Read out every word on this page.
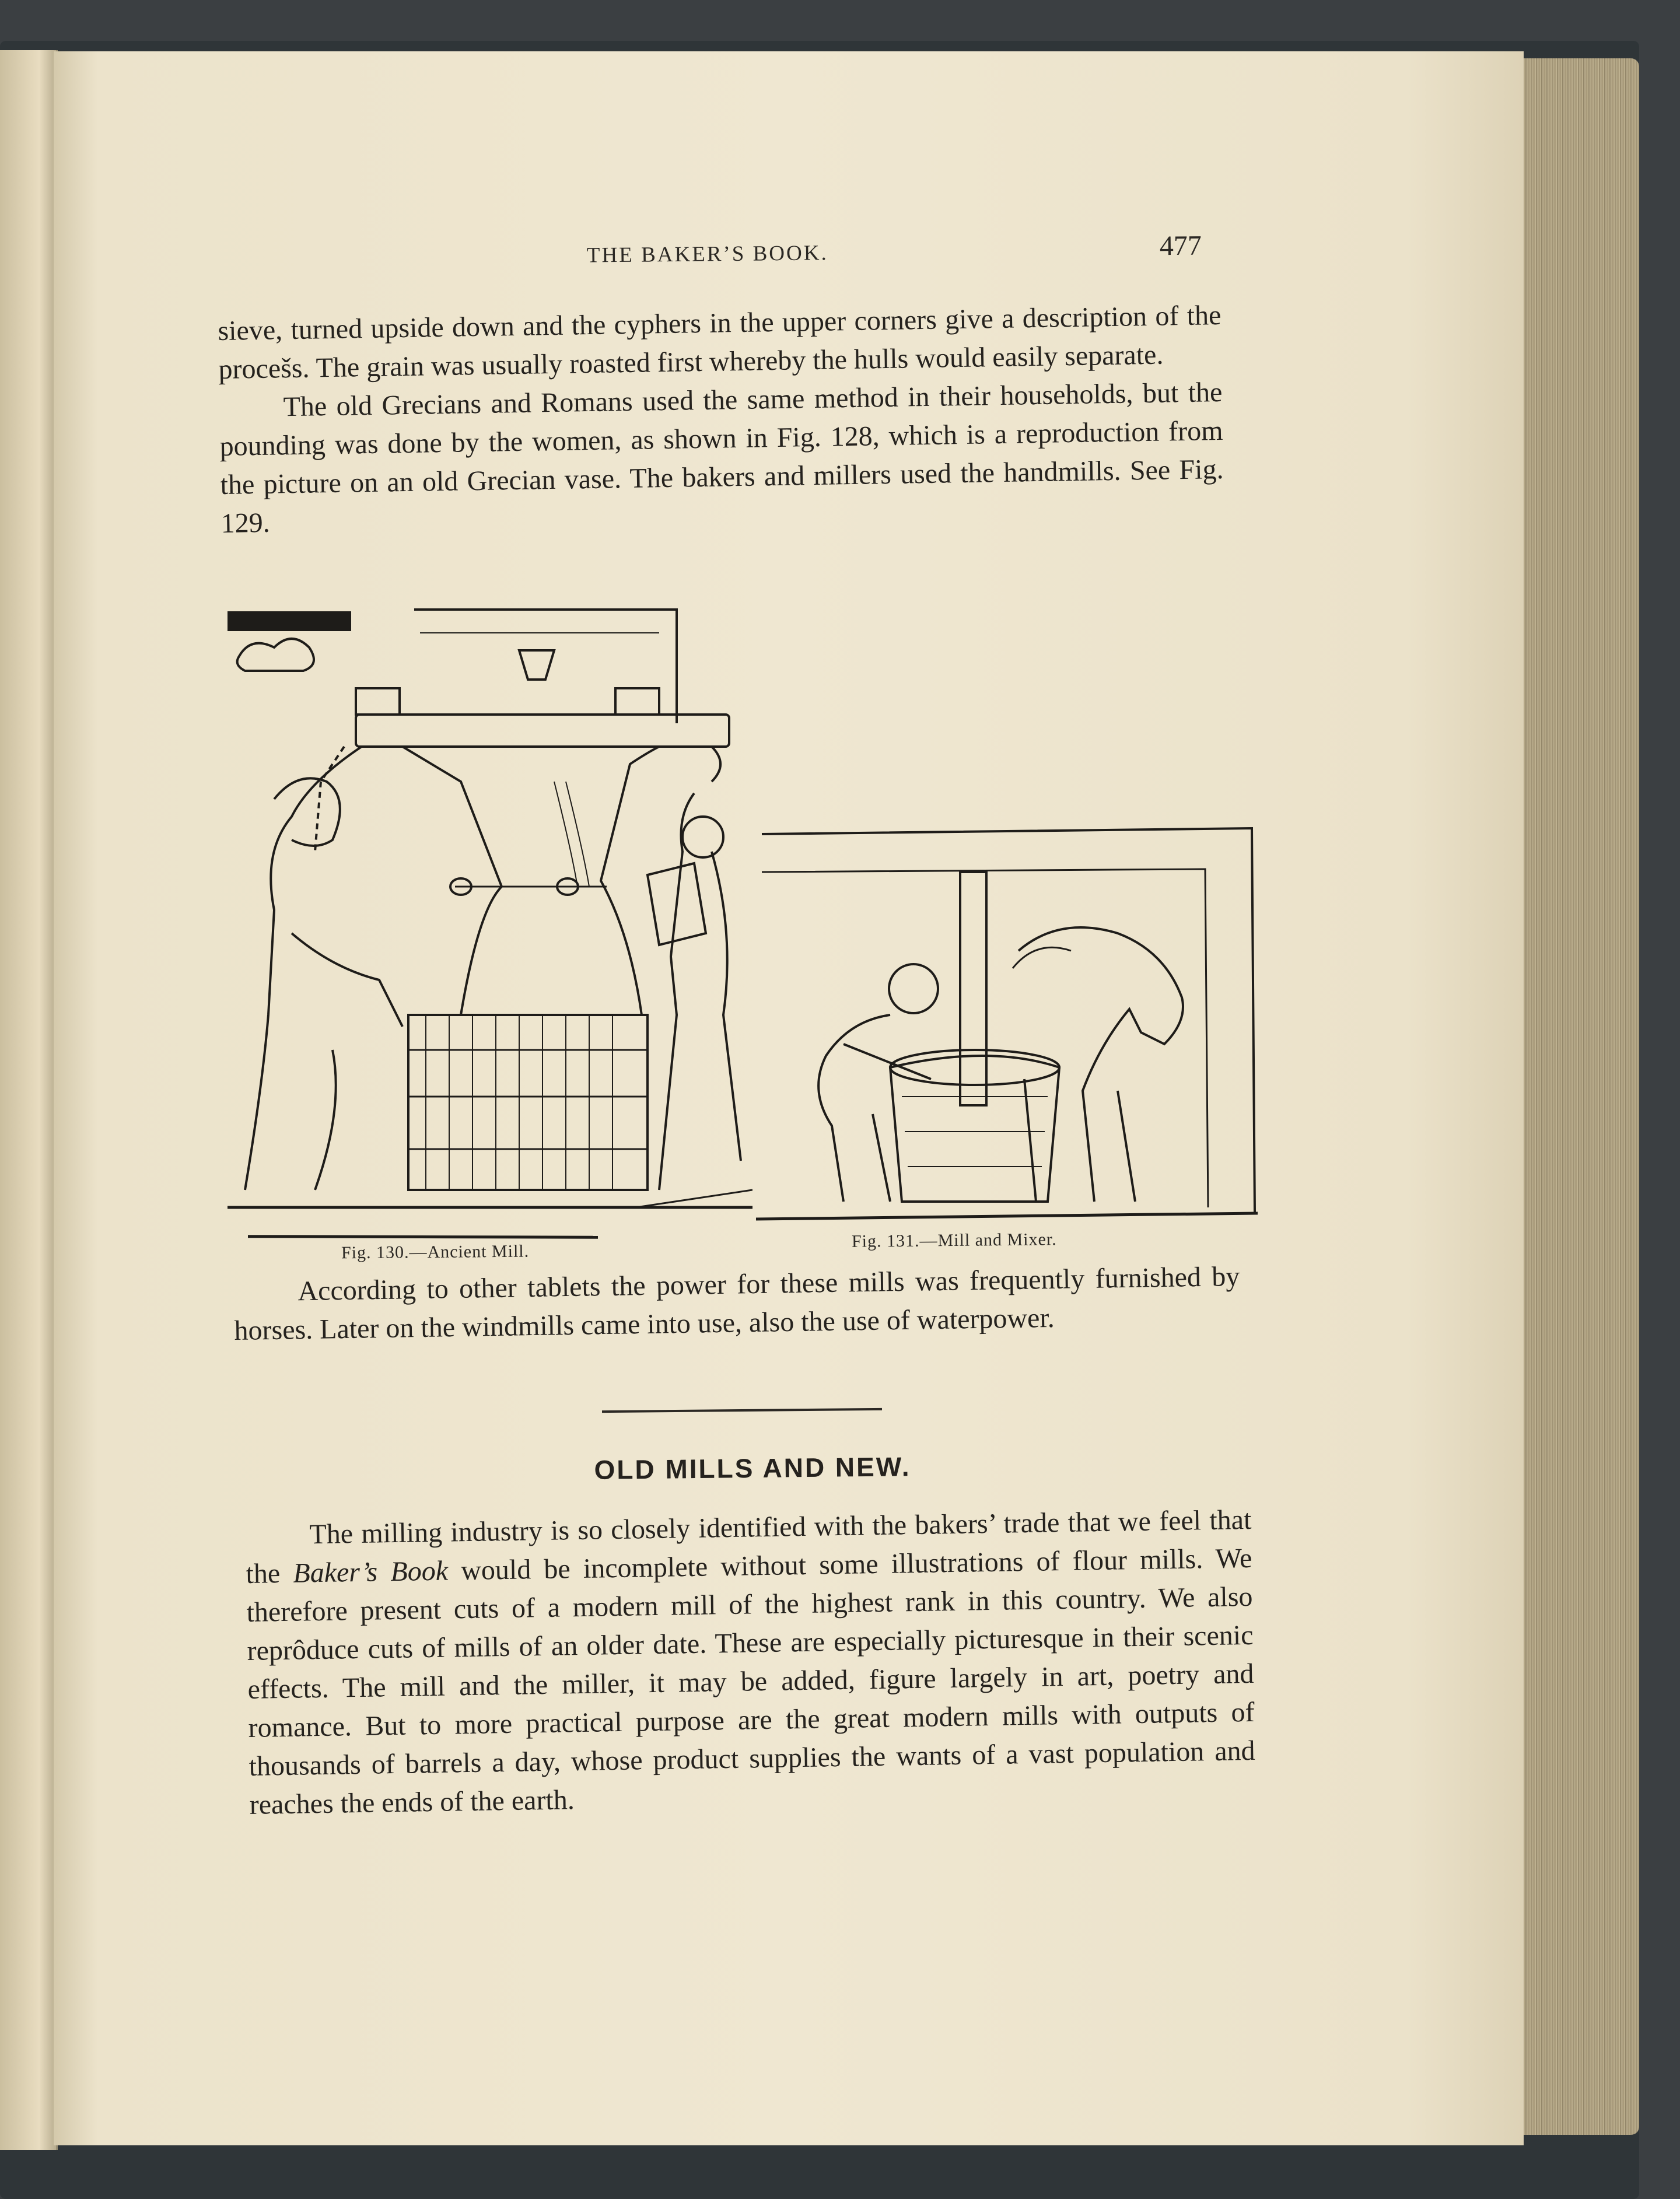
THE BAKER’S BOOK.	477

sieve, turned upside down and the cyphers in the upper corners give a description of the procešs. The grain was usually roasted first whereby the hulls would easily separate.

The old Grecians and Romans used the same method in their households, but the pounding was done by the women, as shown in Fig. 128, which is a reproduction from the picture on an old Grecian vase. The bakers and millers used the handmills. See Fig. 129.

Fig. 130.—Ancient Mill.
Fig. 131.—Mill and Mixer.

According to other tablets the power for these mills was frequently furnished by horses. Later on the windmills came into use, also the use of waterpower.

OLD MILLS AND NEW.

The milling industry is so closely identified with the bakers’ trade that we feel that the Baker’s Book would be incomplete without some illustrations of flour mills. We therefore present cuts of a modern mill of the highest rank in this country. We also reprôduce cuts of mills of an older date. These are especially picturesque in their scenic effects. The mill and the miller, it may be added, figure largely in art, poetry and romance. But to more practical purpose are the great modern mills with outputs of thousands of barrels a day, whose product supplies the wants of a vast population and reaches the ends of the earth.
